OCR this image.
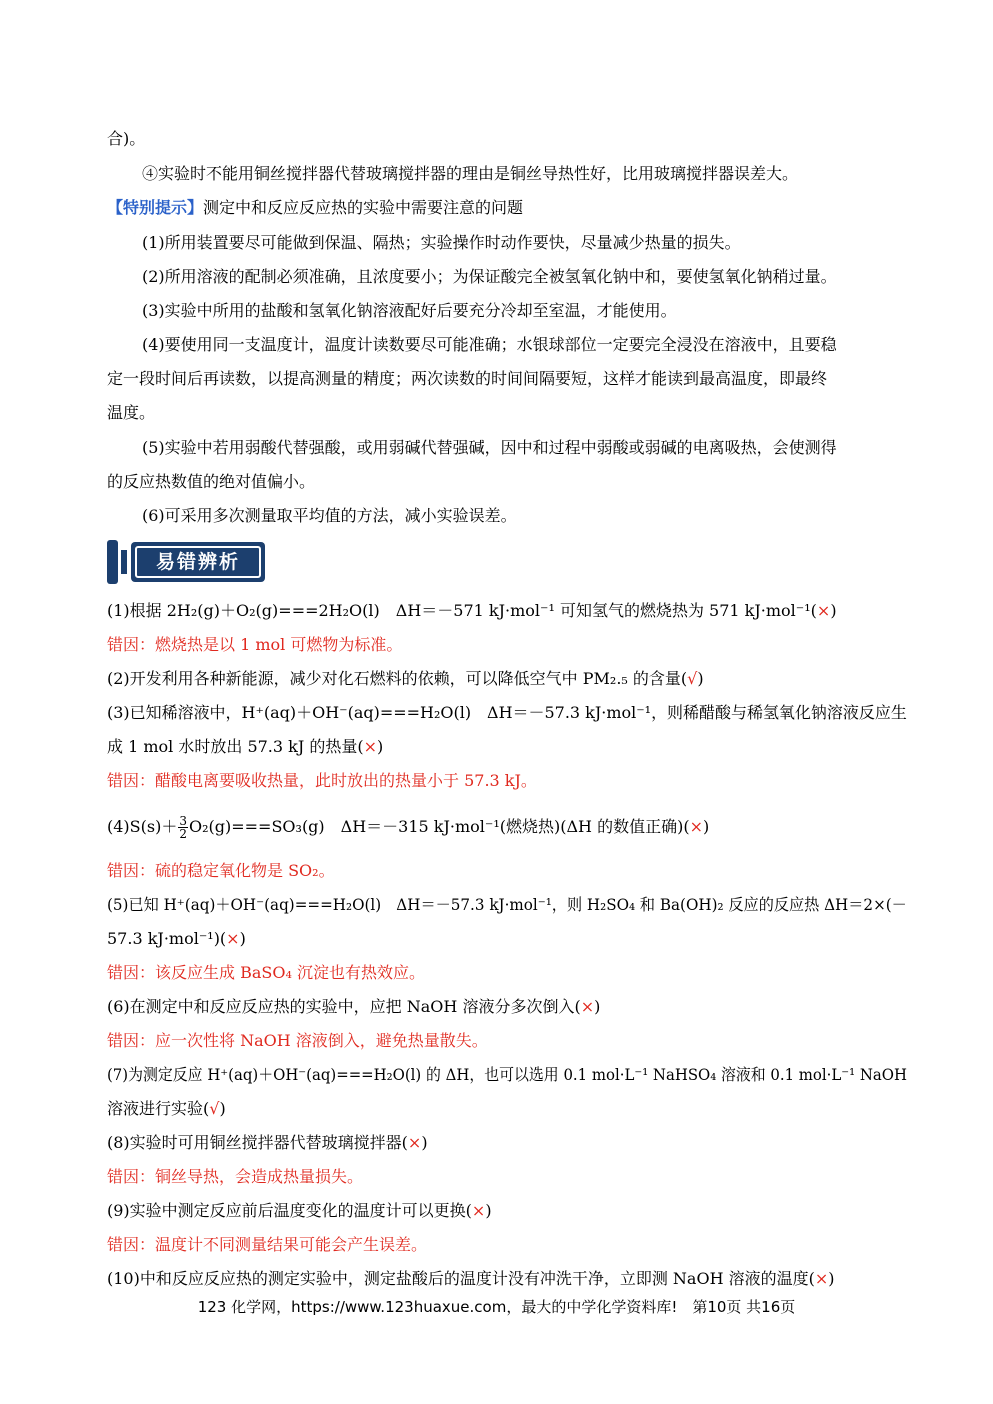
合)。
④实验时不能用铜丝搅拌器代替玻璃搅拌器的理由是铜丝导热性好，比用玻璃搅拌器误差大。
【特别提示】测定中和反应反应热的实验中需要注意的问题
(1)所用装置要尽可能做到保温、隔热；实验操作时动作要快，尽量减少热量的损失。
(2)所用溶液的配制必须准确，且浓度要小；为保证酸完全被氢氧化钠中和，要使氢氧化钠稍过量。
(3)实验中所用的盐酸和氢氧化钠溶液配好后要充分冷却至室温，才能使用。
(4)要使用同一支温度计，温度计读数要尽可能准确；水银球部位一定要完全浸没在溶液中，且要稳
定一段时间后再读数，以提高测量的精度；两次读数的时间间隔要短，这样才能读到最高温度，即最终
温度。
(5)实验中若用弱酸代替强酸，或用弱碱代替强碱，因中和过程中弱酸或弱碱的电离吸热，会使测得
的反应热数值的绝对值偏小。
(6)可采用多次测量取平均值的方法，减小实验误差。
易错辨析
(1)根据 2H₂(g)＋O₂(g)===2H₂O(l)　ΔH＝－571 kJ·mol⁻¹ 可知氢气的燃烧热为 571 kJ·mol⁻¹(×)
错因：燃烧热是以 1 mol 可燃物为标准。
(2)开发利用各种新能源，减少对化石燃料的依赖，可以降低空气中 PM₂.₅ 的含量(√)
(3)已知稀溶液中，H⁺(aq)＋OH⁻(aq)===H₂O(l)　ΔH＝－57.3 kJ·mol⁻¹，则稀醋酸与稀氢氧化钠溶液反应生
成 1 mol 水时放出 57.3 kJ 的热量(×)
错因：醋酸电离要吸收热量，此时放出的热量小于 57.3 kJ。
$(4)S(s)+ \frac{3}{2} O_2(g)===SO_3(g)$　ΔH＝－315 kJ·mol⁻¹(燃烧热)(ΔH 的数值正确)(×)
错因：硫的稳定氧化物是 SO₂。
(5)已知 H⁺(aq)＋OH⁻(aq)===H₂O(l)　ΔH＝－57.3 kJ·mol⁻¹，则 H₂SO₄ 和 Ba(OH)₂ 反应的反应热 ΔH＝2×(－
57.3 kJ·mol⁻¹)(×)
错因：该反应生成 BaSO₄ 沉淀也有热效应。
(6)在测定中和反应反应热的实验中，应把 NaOH 溶液分多次倒入(×)
错因：应一次性将 NaOH 溶液倒入，避免热量散失。
(7)为测定反应 H⁺(aq)＋OH⁻(aq)===H₂O(l) 的 ΔH，也可以选用 0.1 mol·L⁻¹ NaHSO₄ 溶液和 0.1 mol·L⁻¹ NaOH
溶液进行实验(√)
(8)实验时可用铜丝搅拌器代替玻璃搅拌器(×)
错因：铜丝导热，会造成热量损失。
(9)实验中测定反应前后温度变化的温度计可以更换(×)
错因：温度计不同测量结果可能会产生误差。
(10)中和反应反应热的测定实验中，测定盐酸后的温度计没有冲洗干净，立即测 NaOH 溶液的温度(×)
123 化学网，https://www.123huaxue.com，最大的中学化学资料库!　第10页 共16页
